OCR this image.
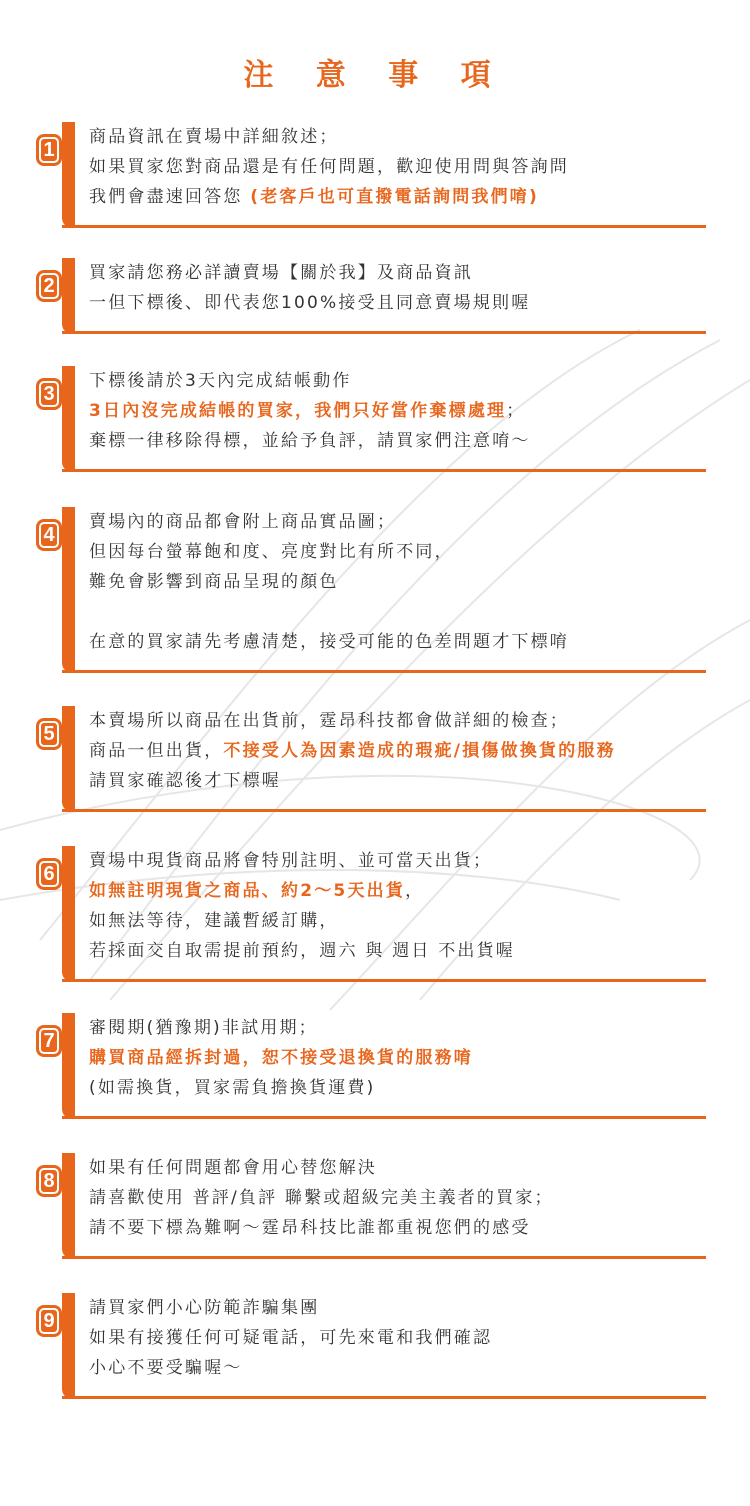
注 意 事 項
1
商品資訊在賣場中詳細敘述；
如果買家您對商品還是有任何問題，歡迎使用問與答詢問
我們會盡速回答您 (老客戶也可直撥電話詢問我們唷)
2
買家請您務必詳讀賣場【關於我】及商品資訊
一但下標後、即代表您100%接受且同意賣場規則喔
3
下標後請於3天內完成結帳動作
3日內沒完成結帳的買家，我們只好當作棄標處理；
棄標一律移除得標，並給予負評，請買家們注意唷～
4
賣場內的商品都會附上商品實品圖；
但因每台螢幕飽和度、亮度對比有所不同，
難免會影響到商品呈現的顏色
在意的買家請先考慮清楚，接受可能的色差問題才下標唷
5
本賣場所以商品在出貨前，霆昂科技都會做詳細的檢查；
商品一但出貨，不接受人為因素造成的瑕疵/損傷做換貨的服務
請買家確認後才下標喔
6
賣場中現貨商品將會特別註明、並可當天出貨；
如無註明現貨之商品、約2～5天出貨，
如無法等待，建議暫緩訂購，
若採面交自取需提前預約，週六 與 週日 不出貨喔
7
審閱期(猶豫期)非試用期；
購買商品經拆封過，恕不接受退換貨的服務唷
(如需換貨，買家需負擔換貨運費)
8
如果有任何問題都會用心替您解決
請喜歡使用 普評/負評 聯繫或超級完美主義者的買家；
請不要下標為難啊～霆昂科技比誰都重視您們的感受
9
請買家們小心防範詐騙集團
如果有接獲任何可疑電話，可先來電和我們確認
小心不要受騙喔～
